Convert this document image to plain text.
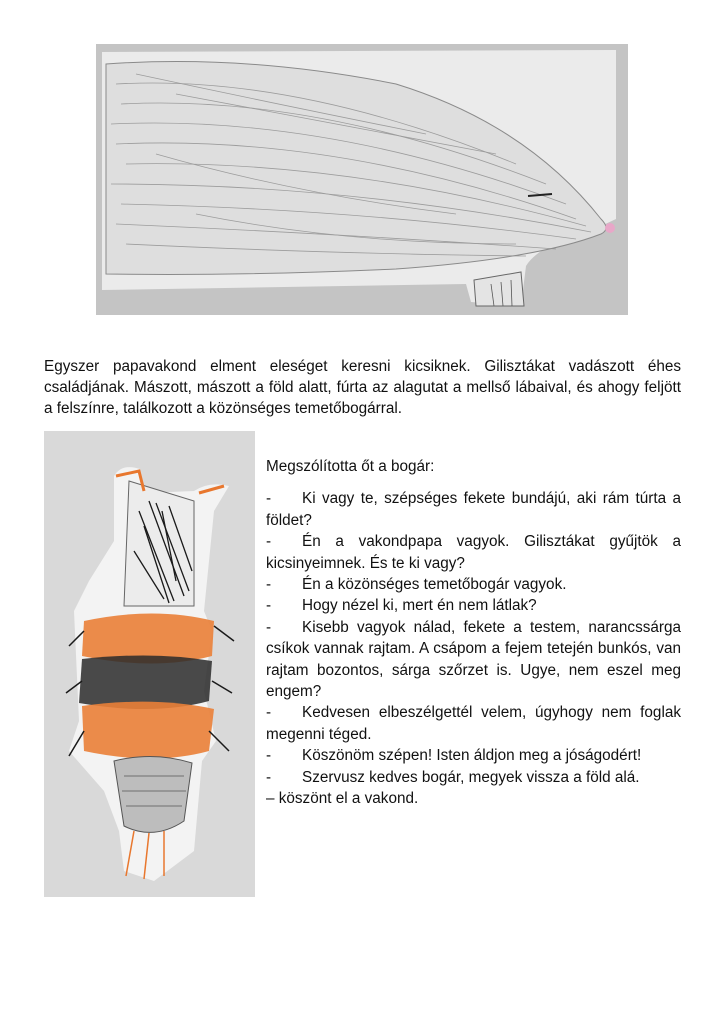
Egyszer papavakond elment eleséget keresni kicsiknek. Gilisztákat vadászott éhes családjának. Mászott, mászott a föld alatt, fúrta az alagutat a mellső lábaival, és ahogy feljött a felszínre, találkozott a közönséges temetőbogárral.

Megszólította őt a bogár:

- Ki vagy te, szépséges fekete bundájú, aki rám túrta a földet?
- Én a vakondpapa vagyok. Gilisztákat gyűjtök a kicsinyeimnek. És te ki vagy?
- Én a közönséges temetőbogár vagyok.
- Hogy nézel ki, mert én nem látlak?
- Kisebb vagyok nálad, fekete a testem, narancssárga csíkok vannak rajtam. A csápom a fejem tetején bunkós, van rajtam bozontos, sárga szőrzet is. Ugye, nem eszel meg engem?
- Kedvesen elbeszélgettél velem, úgyhogy nem foglak megenni téged.
- Köszönöm szépen! Isten áldjon meg a jóságodért!
- Szervusz kedves bogár, megyek vissza a föld alá.

– köszönt el a vakond.
